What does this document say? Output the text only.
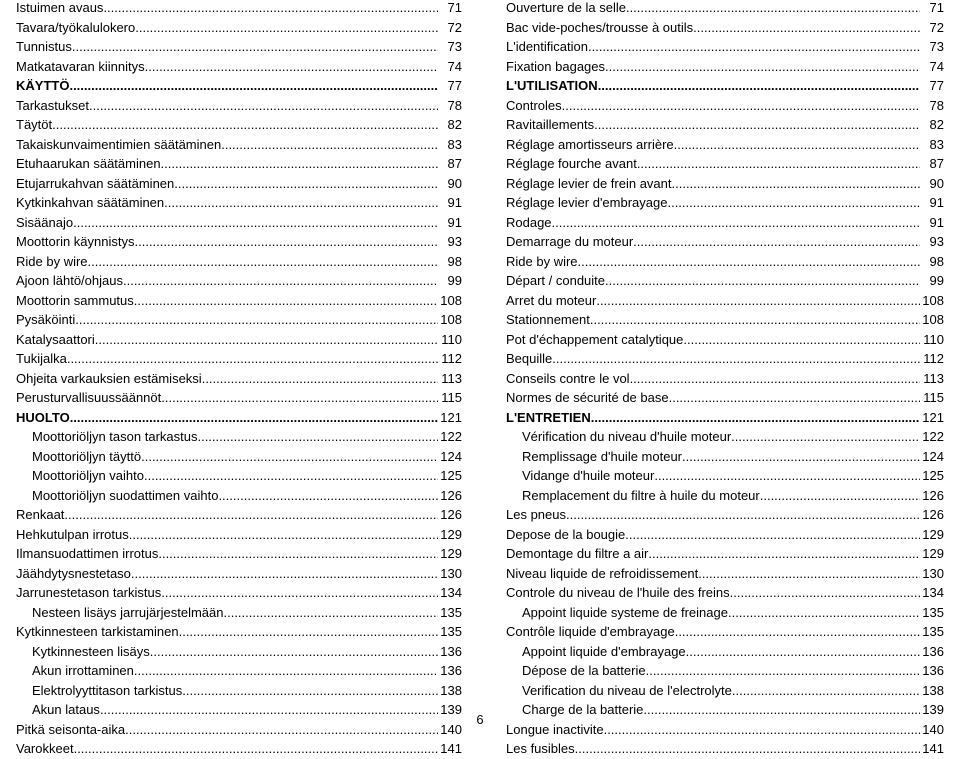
Istuimen avaus .....	71
Tavara/työkalulokero .....	72
Tunnistus .....	73
Matkatavaran kiinnitys .....	74
KÄYTTÖ .....	77
Tarkastukset .....	78
Täytöt .....	82
Takaiskunvaimentimien säätäminen .....	83
Etuhaarukan säätäminen .....	87
Etujarrukahvan säätäminen .....	90
Kytkinkahvan säätäminen .....	91
Sisäänajo .....	91
Moottorin käynnistys .....	93
Ride by wire .....	98
Ajoon lähtö/ohjaus .....	99
Moottorin sammutus .....	108
Pysäköinti .....	108
Katalysaattori .....	110
Tukijalka .....	112
Ohjeita varkauksien estämiseksi .....	113
Perusturvallisuussäännöt .....	115
HUOLTO .....	121
Moottoriöljyn tason tarkastus .....	122
Moottoriöljyn täyttö .....	124
Moottoriöljyn vaihto .....	125
Moottoriöljyn suodattimen vaihto .....	126
Renkaat .....	126
Hehkutulpan irrotus .....	129
Ilmansuodattimen irrotus .....	129
Jäähdytysnestetaso .....	130
Jarrunestetason tarkistus .....	134
Nesteen lisäys jarrujärjestelmään .....	135
Kytkinnesteen tarkistaminen .....	135
Kytkinnesteen lisäys .....	136
Akun irrottaminen .....	136
Elektrolyyttitason tarkistus .....	138
Akun lataus .....	139
Pitkä seisonta-aika .....	140
Varokkeet .....	141
Ouverture de la selle .....	71
Bac vide-poches/trousse à outils .....	72
L'identification .....	73
Fixation bagages .....	74
L'UTILISATION .....	77
Controles .....	78
Ravitaillements .....	82
Réglage amortisseurs arrière .....	83
Réglage fourche avant .....	87
Réglage levier de frein avant .....	90
Réglage levier d'embrayage .....	91
Rodage .....	91
Demarrage du moteur .....	93
Ride by wire .....	98
Départ / conduite .....	99
Arret du moteur .....	108
Stationnement .....	108
Pot d'échappement catalytique .....	110
Bequille .....	112
Conseils contre le vol .....	113
Normes de sécurité de base .....	115
L'ENTRETIEN .....	121
Vérification du niveau d'huile moteur .....	122
Remplissage d'huile moteur .....	124
Vidange d'huile moteur .....	125
Remplacement du filtre à huile du moteur .....	126
Les pneus .....	126
Depose de la bougie .....	129
Demontage du filtre a air .....	129
Niveau liquide de refroidissement .....	130
Controle du niveau de l'huile des freins .....	134
Appoint liquide systeme de freinage .....	135
Contrôle liquide d'embrayage .....	135
Appoint liquide d'embrayage .....	136
Dépose de la batterie .....	136
Verification du niveau de l'electrolyte .....	138
Charge de la batterie .....	139
Longue inactivite .....	140
Les fusibles .....	141
6
